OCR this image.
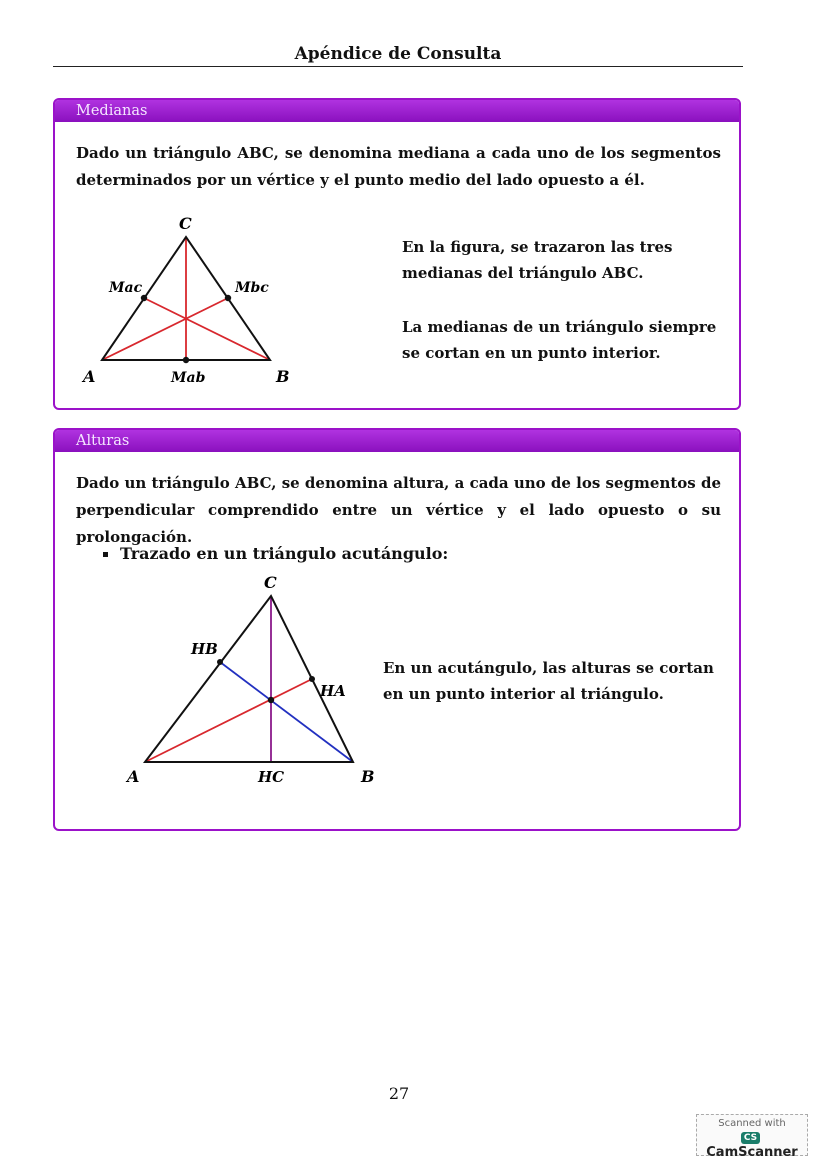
Apéndice de Consulta
Medianas
Dado un triángulo ABC, se denomina mediana a cada uno de los segmentos determinados por un vértice y el punto medio del lado opuesto a él.
C
A	B
Mac	Mbc
Mab
En la figura, se trazaron las tres medianas del triángulo ABC.
La medianas de un triángulo siempre se cortan en un punto interior.
Alturas
Dado un triángulo ABC, se denomina altura, a cada uno de los segmentos de perpendicular comprendido entre un vértice y el lado opuesto o su prolongación.
Trazado en un triángulo acutángulo:
C
A	B
HB
HA
HC
En un acutángulo, las alturas se cortan en un punto interior al triángulo.
27
Scanned with
CSCamScanner
